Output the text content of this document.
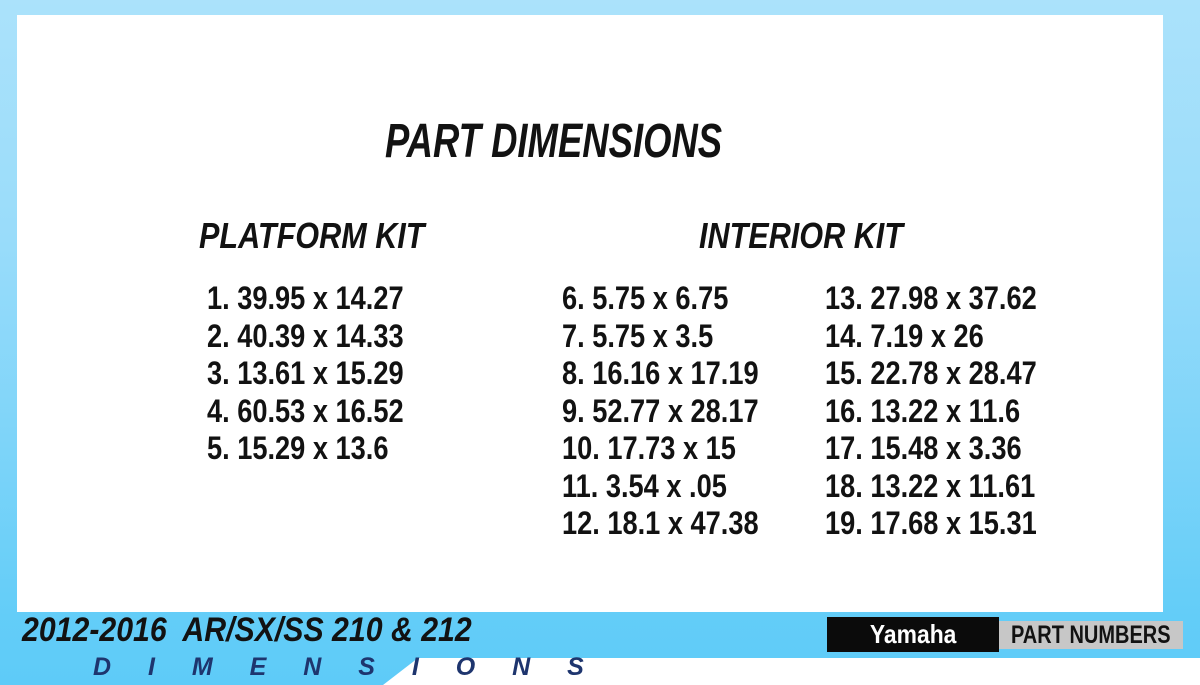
PART DIMENSIONS
PLATFORM KIT	INTERIOR KIT
1. 39.95 x 14.27
2. 40.39 x 14.33
3. 13.61 x 15.29
4. 60.53 x 16.52
5. 15.29 x 13.6
6. 5.75 x 6.75
7. 5.75 x 3.5
8. 16.16 x 17.19
9. 52.77 x 28.17
10. 17.73 x 15
11. 3.54 x .05
12. 18.1 x 47.38
13. 27.98 x 37.62
14. 7.19 x 26
15. 22.78 x 28.47
16. 13.22 x 11.6
17. 15.48 x 3.36
18. 13.22 x 11.61
19. 17.68 x 15.31
2012-2016  AR/SX/SS 210 & 212
D I M E N S I O N S
Yamaha PART NUMBERS
